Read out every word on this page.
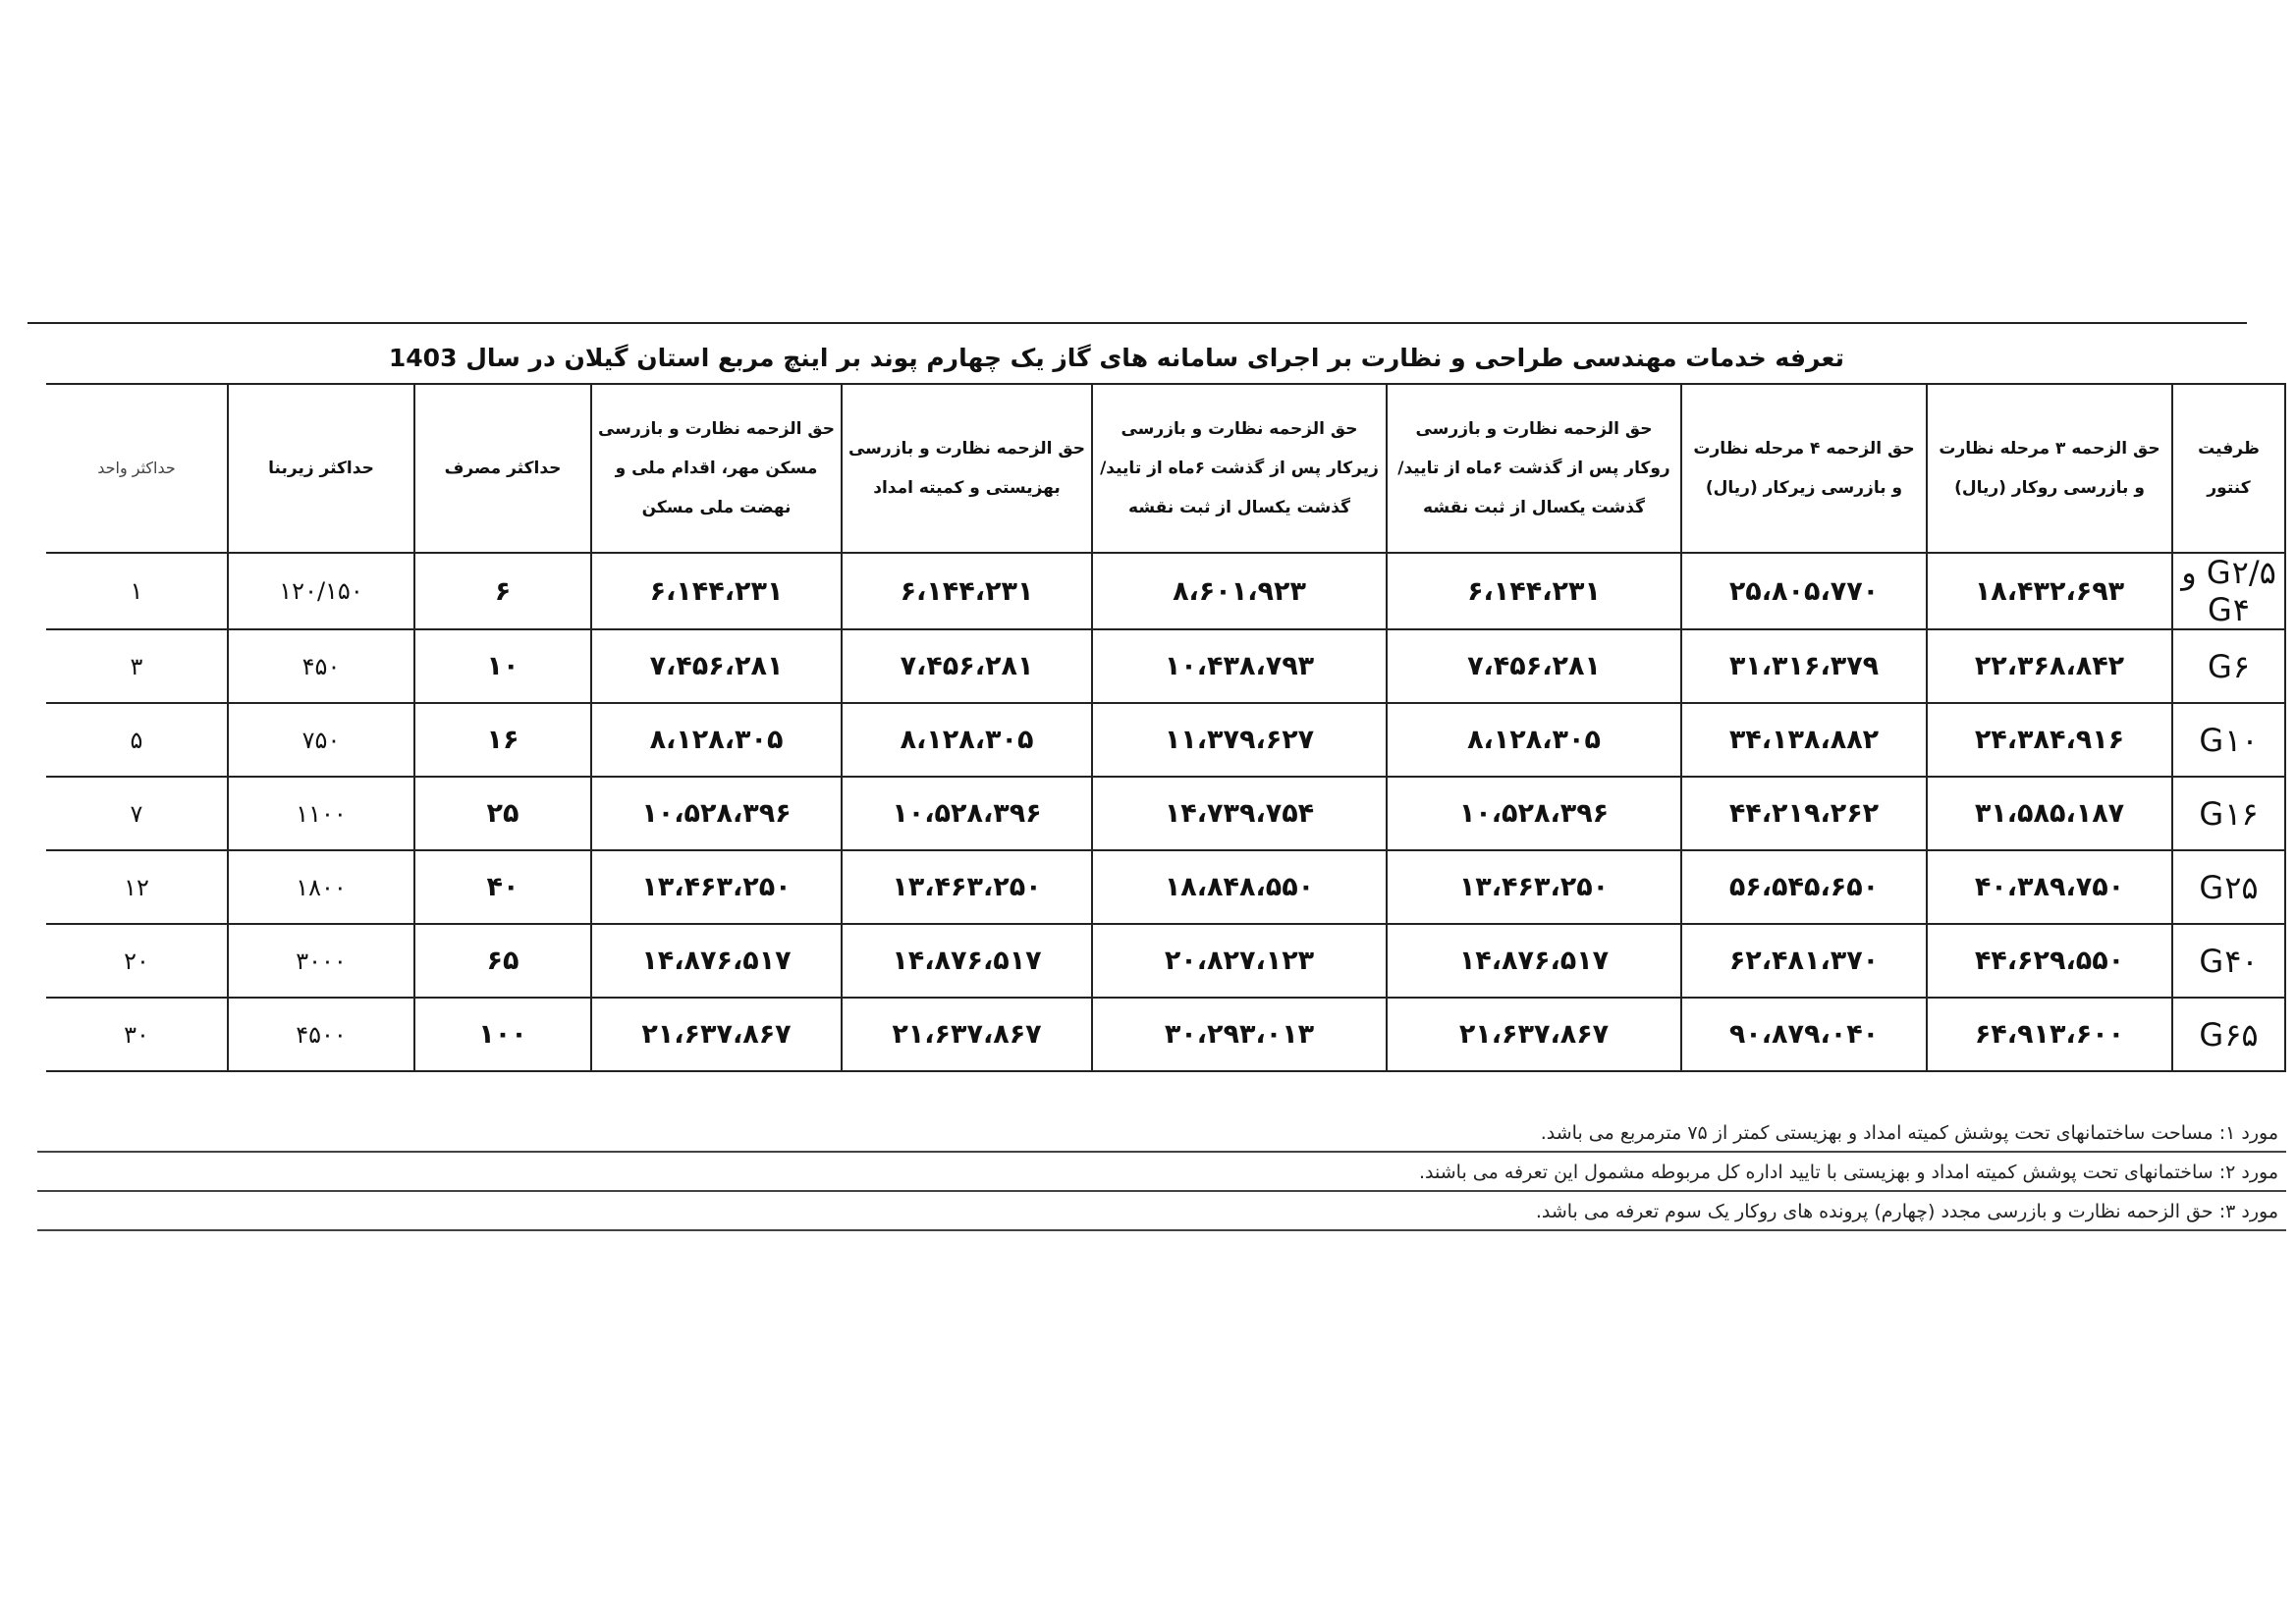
تعرفه خدمات مهندسی طراحی و نظارت بر اجرای سامانه های گاز یک چهارم پوند بر اینچ مربع استان گیلان در سال 1403
ظرفیت کنتور	حق الزحمه ۳ مرحله نظارت و بازرسی روکار (ریال)	حق الزحمه ۴ مرحله نظارت و بازرسی زیرکار (ریال)	حق الزحمه نظارت و بازرسی روکار پس از گذشت ۶ماه از تایید/ گذشت یکسال از ثبت نقشه	حق الزحمه نظارت و بازرسی زیرکار پس از گذشت ۶ماه از تایید/ گذشت یکسال از ثبت نقشه	حق الزحمه نظارت و بازرسی بهزیستی و کمیته امداد	حق الزحمه نظارت و بازرسی مسکن مهر، اقدام ملی و نهضت ملی مسکن	حداکثر مصرف	حداکثر زیربنا	حداکثر واحد
G۲/۵ و G۴	۱۸،۴۳۲،۶۹۳	۲۵،۸۰۵،۷۷۰	۶،۱۴۴،۲۳۱	۸،۶۰۱،۹۲۳	۶،۱۴۴،۲۳۱	۶،۱۴۴،۲۳۱	۶	۱۲۰/۱۵۰	۱
G۶	۲۲،۳۶۸،۸۴۲	۳۱،۳۱۶،۳۷۹	۷،۴۵۶،۲۸۱	۱۰،۴۳۸،۷۹۳	۷،۴۵۶،۲۸۱	۷،۴۵۶،۲۸۱	۱۰	۴۵۰	۳
G۱۰	۲۴،۳۸۴،۹۱۶	۳۴،۱۳۸،۸۸۲	۸،۱۲۸،۳۰۵	۱۱،۳۷۹،۶۲۷	۸،۱۲۸،۳۰۵	۸،۱۲۸،۳۰۵	۱۶	۷۵۰	۵
G۱۶	۳۱،۵۸۵،۱۸۷	۴۴،۲۱۹،۲۶۲	۱۰،۵۲۸،۳۹۶	۱۴،۷۳۹،۷۵۴	۱۰،۵۲۸،۳۹۶	۱۰،۵۲۸،۳۹۶	۲۵	۱۱۰۰	۷
G۲۵	۴۰،۳۸۹،۷۵۰	۵۶،۵۴۵،۶۵۰	۱۳،۴۶۳،۲۵۰	۱۸،۸۴۸،۵۵۰	۱۳،۴۶۳،۲۵۰	۱۳،۴۶۳،۲۵۰	۴۰	۱۸۰۰	۱۲
G۴۰	۴۴،۶۲۹،۵۵۰	۶۲،۴۸۱،۳۷۰	۱۴،۸۷۶،۵۱۷	۲۰،۸۲۷،۱۲۳	۱۴،۸۷۶،۵۱۷	۱۴،۸۷۶،۵۱۷	۶۵	۳۰۰۰	۲۰
G۶۵	۶۴،۹۱۳،۶۰۰	۹۰،۸۷۹،۰۴۰	۲۱،۶۳۷،۸۶۷	۳۰،۲۹۳،۰۱۳	۲۱،۶۳۷،۸۶۷	۲۱،۶۳۷،۸۶۷	۱۰۰	۴۵۰۰	۳۰
مورد ۱: مساحت ساختمانهای تحت پوشش کمیته امداد و بهزیستی کمتر از ۷۵ مترمربع می باشد.
مورد ۲: ساختمانهای تحت پوشش کمیته امداد و بهزیستی با تایید اداره کل مربوطه مشمول این تعرفه می باشند.
مورد ۳: حق الزحمه نظارت و بازرسی مجدد (چهارم) پرونده های روکار یک سوم تعرفه می باشد.
